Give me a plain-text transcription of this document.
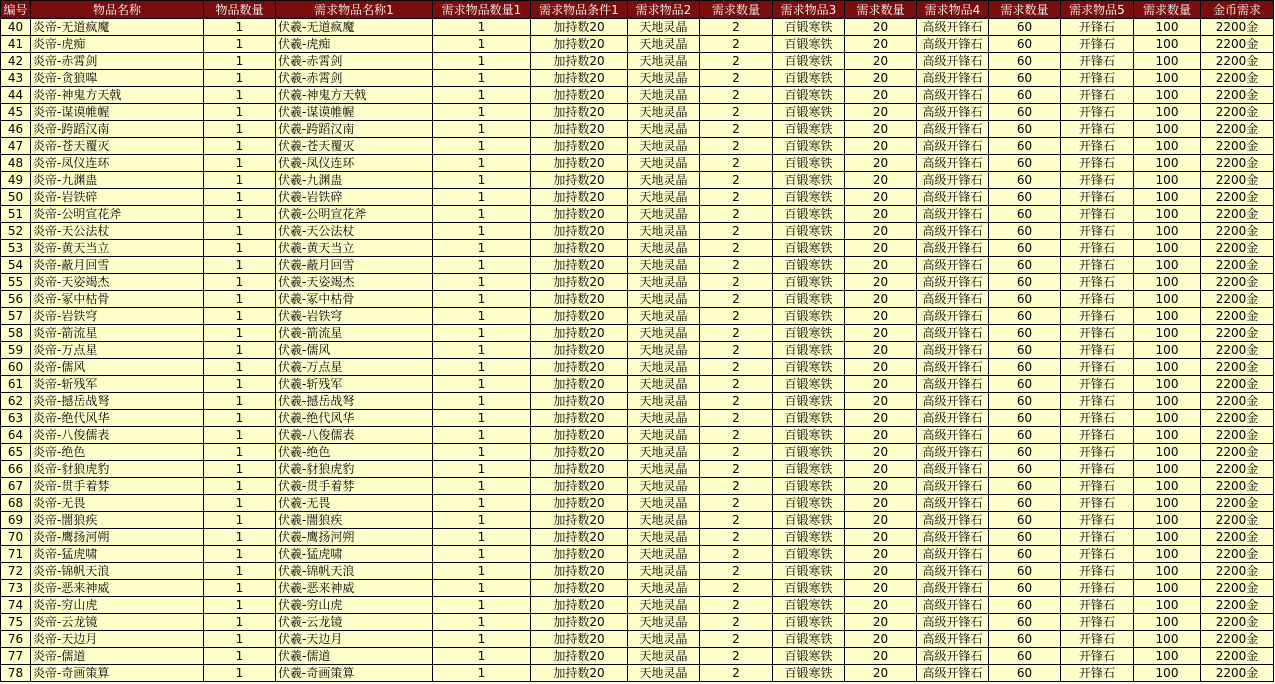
编号	物品名称	物品数量	需求物品名称1	需求物品数量1	需求物品条件1	需求物品2	需求数量	需求物品3	需求数量	需求物品4	需求数量	需求物品5	需求数量	金币需求
40	炎帝-无道疯魔	1	伏羲-无道疯魔	1	加持数20	天地灵晶	2	百锻寒铁	20	高级开锋石	60	开锋石	100	2200金
41	炎帝-虎痴	1	伏羲-虎痴	1	加持数20	天地灵晶	2	百锻寒铁	20	高级开锋石	60	开锋石	100	2200金
42	炎帝-赤霄剑	1	伏羲-赤霄剑	1	加持数20	天地灵晶	2	百锻寒铁	20	高级开锋石	60	开锋石	100	2200金
43	炎帝-贪狼嗥	1	伏羲-赤霄剑	1	加持数20	天地灵晶	2	百锻寒铁	20	高级开锋石	60	开锋石	100	2200金
44	炎帝-神鬼方天戟	1	伏羲-神鬼方天戟	1	加持数20	天地灵晶	2	百锻寒铁	20	高级开锋石	60	开锋石	100	2200金
45	炎帝-谋谟帷幄	1	伏羲-谋谟帷幄	1	加持数20	天地灵晶	2	百锻寒铁	20	高级开锋石	60	开锋石	100	2200金
46	炎帝-跨蹈汉南	1	伏羲-跨蹈汉南	1	加持数20	天地灵晶	2	百锻寒铁	20	高级开锋石	60	开锋石	100	2200金
47	炎帝-苍天覆灭	1	伏羲-苍天覆灭	1	加持数20	天地灵晶	2	百锻寒铁	20	高级开锋石	60	开锋石	100	2200金
48	炎帝-凤仪连环	1	伏羲-凤仪连环	1	加持数20	天地灵晶	2	百锻寒铁	20	高级开锋石	60	开锋石	100	2200金
49	炎帝-九渊蛊	1	伏羲-九渊蛊	1	加持数20	天地灵晶	2	百锻寒铁	20	高级开锋石	60	开锋石	100	2200金
50	炎帝-岩铁碎	1	伏羲-岩铁碎	1	加持数20	天地灵晶	2	百锻寒铁	20	高级开锋石	60	开锋石	100	2200金
51	炎帝-公明宣花斧	1	伏羲-公明宣花斧	1	加持数20	天地灵晶	2	百锻寒铁	20	高级开锋石	60	开锋石	100	2200金
52	炎帝-天公法杖	1	伏羲-天公法杖	1	加持数20	天地灵晶	2	百锻寒铁	20	高级开锋石	60	开锋石	100	2200金
53	炎帝-黄天当立	1	伏羲-黄天当立	1	加持数20	天地灵晶	2	百锻寒铁	20	高级开锋石	60	开锋石	100	2200金
54	炎帝-蔽月回雪	1	伏羲-蔽月回雪	1	加持数20	天地灵晶	2	百锻寒铁	20	高级开锋石	60	开锋石	100	2200金
55	炎帝-天姿竭杰	1	伏羲-天姿竭杰	1	加持数20	天地灵晶	2	百锻寒铁	20	高级开锋石	60	开锋石	100	2200金
56	炎帝-冢中枯骨	1	伏羲-冢中枯骨	1	加持数20	天地灵晶	2	百锻寒铁	20	高级开锋石	60	开锋石	100	2200金
57	炎帝-岩铁穹	1	伏羲-岩铁穹	1	加持数20	天地灵晶	2	百锻寒铁	20	高级开锋石	60	开锋石	100	2200金
58	炎帝-箭流星	1	伏羲-箭流星	1	加持数20	天地灵晶	2	百锻寒铁	20	高级开锋石	60	开锋石	100	2200金
59	炎帝-万点星	1	伏羲-儒风	1	加持数20	天地灵晶	2	百锻寒铁	20	高级开锋石	60	开锋石	100	2200金
60	炎帝-儒风	1	伏羲-万点星	1	加持数20	天地灵晶	2	百锻寒铁	20	高级开锋石	60	开锋石	100	2200金
61	炎帝-斩残军	1	伏羲-斩残军	1	加持数20	天地灵晶	2	百锻寒铁	20	高级开锋石	60	开锋石	100	2200金
62	炎帝-撼岳战弩	1	伏羲-撼岳战弩	1	加持数20	天地灵晶	2	百锻寒铁	20	高级开锋石	60	开锋石	100	2200金
63	炎帝-绝代风华	1	伏羲-绝代风华	1	加持数20	天地灵晶	2	百锻寒铁	20	高级开锋石	60	开锋石	100	2200金
64	炎帝-八俊儒表	1	伏羲-八俊儒表	1	加持数20	天地灵晶	2	百锻寒铁	20	高级开锋石	60	开锋石	100	2200金
65	炎帝-绝色	1	伏羲-绝色	1	加持数20	天地灵晶	2	百锻寒铁	20	高级开锋石	60	开锋石	100	2200金
66	炎帝-豺狼虎豹	1	伏羲-豺狼虎豹	1	加持数20	天地灵晶	2	百锻寒铁	20	高级开锋石	60	开锋石	100	2200金
67	炎帝-贯手着棼	1	伏羲-贯手着棼	1	加持数20	天地灵晶	2	百锻寒铁	20	高级开锋石	60	开锋石	100	2200金
68	炎帝-无畏	1	伏羲-无畏	1	加持数20	天地灵晶	2	百锻寒铁	20	高级开锋石	60	开锋石	100	2200金
69	炎帝-闇狼疾	1	伏羲-闇狼疾	1	加持数20	天地灵晶	2	百锻寒铁	20	高级开锋石	60	开锋石	100	2200金
70	炎帝-鹰扬河朔	1	伏羲-鹰扬河朔	1	加持数20	天地灵晶	2	百锻寒铁	20	高级开锋石	60	开锋石	100	2200金
71	炎帝-猛虎啸	1	伏羲-猛虎啸	1	加持数20	天地灵晶	2	百锻寒铁	20	高级开锋石	60	开锋石	100	2200金
72	炎帝-锦帆天浪	1	伏羲-锦帆天浪	1	加持数20	天地灵晶	2	百锻寒铁	20	高级开锋石	60	开锋石	100	2200金
73	炎帝-恶来神威	1	伏羲-恶来神威	1	加持数20	天地灵晶	2	百锻寒铁	20	高级开锋石	60	开锋石	100	2200金
74	炎帝-穷山虎	1	伏羲-穷山虎	1	加持数20	天地灵晶	2	百锻寒铁	20	高级开锋石	60	开锋石	100	2200金
75	炎帝-云龙镜	1	伏羲-云龙镜	1	加持数20	天地灵晶	2	百锻寒铁	20	高级开锋石	60	开锋石	100	2200金
76	炎帝-天边月	1	伏羲-天边月	1	加持数20	天地灵晶	2	百锻寒铁	20	高级开锋石	60	开锋石	100	2200金
77	炎帝-儒道	1	伏羲-儒道	1	加持数20	天地灵晶	2	百锻寒铁	20	高级开锋石	60	开锋石	100	2200金
78	炎帝-奇画策算	1	伏羲-奇画策算	1	加持数20	天地灵晶	2	百锻寒铁	20	高级开锋石	60	开锋石	100	2200金
